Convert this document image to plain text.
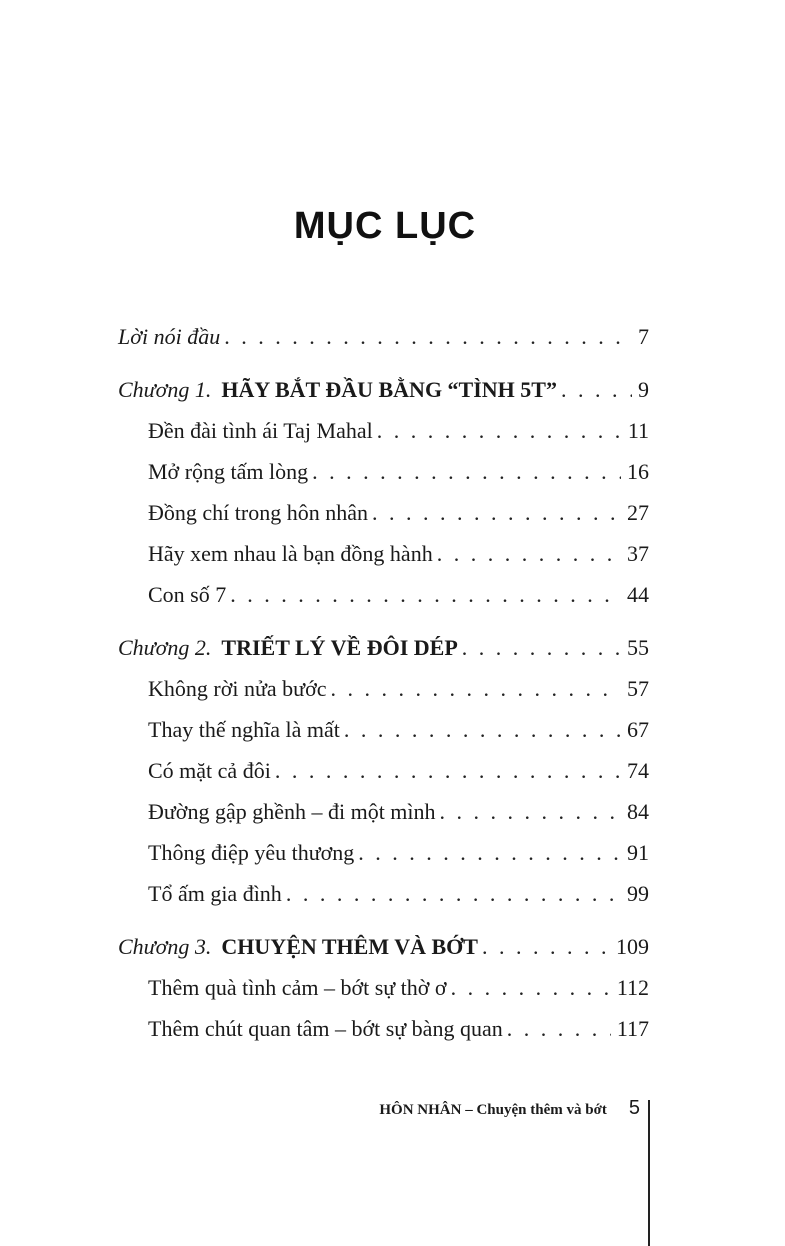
MỤC LỤC
Lời nói đầu . . .	7
Chương 1. HÃY BẮT ĐẦU BẰNG “TÌNH 5T” . . .	9
Đền đài tình ái Taj Mahal . . .	11
Mở rộng tấm lòng . . .	16
Đồng chí trong hôn nhân . . .	27
Hãy xem nhau là bạn đồng hành . . .	37
Con số 7 . . .	44
Chương 2. TRIẾT LÝ VỀ ĐÔI DÉP . . .	55
Không rời nửa bước . . .	57
Thay thế nghĩa là mất . . .	67
Có mặt cả đôi . . .	74
Đường gập ghềnh – đi một mình . . .	84
Thông điệp yêu thương . . .	91
Tổ ấm gia đình . . .	99
Chương 3. CHUYỆN THÊM VÀ BỚT . . .	109
Thêm quà tình cảm – bớt sự thờ ơ . . .	112
Thêm chút quan tâm – bớt sự bàng quan . . .	117
HÔN NHÂN – Chuyện thêm và bớt 5
